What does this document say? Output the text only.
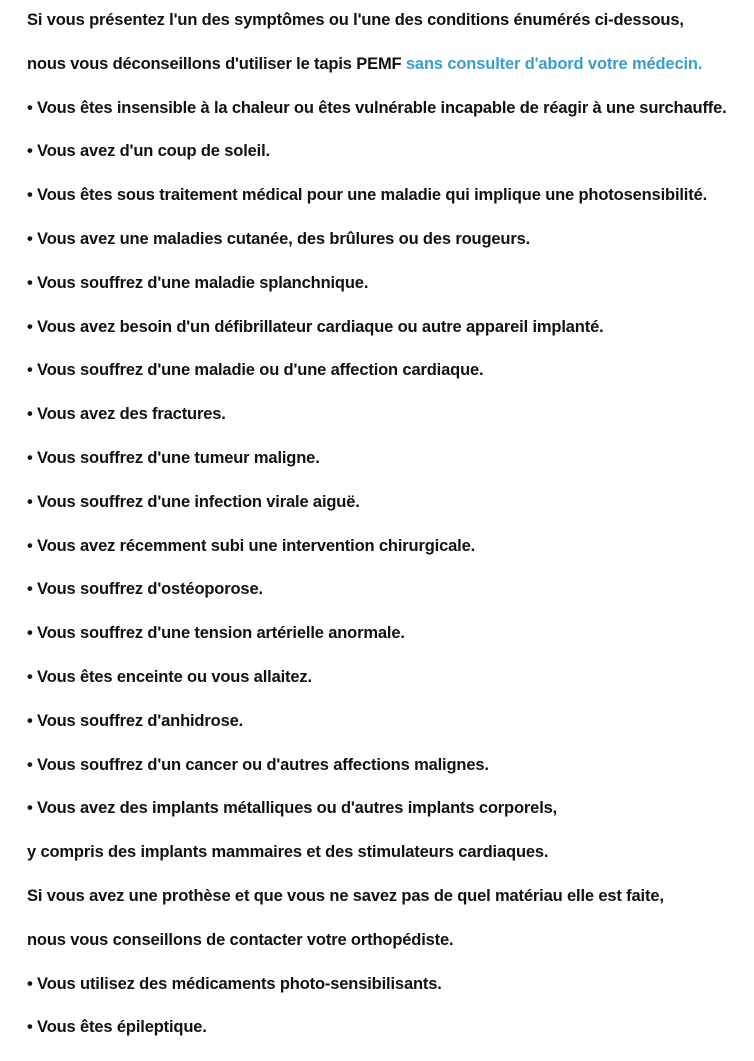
Si vous présentez l'un des symptômes ou l'une des conditions énumérés ci-dessous,
nous vous déconseillons d'utiliser le tapis PEMF sans consulter d'abord votre médecin.
• Vous êtes insensible à la chaleur ou êtes vulnérable incapable de réagir à une surchauffe.
• Vous avez d'un coup de soleil.
• Vous êtes sous traitement médical pour une maladie qui implique une photosensibilité.
• Vous avez une maladies cutanée, des brûlures ou des rougeurs.
• Vous souffrez d'une maladie splanchnique.
• Vous avez besoin d'un défibrillateur cardiaque ou autre appareil implanté.
• Vous souffrez d'une maladie ou d'une affection cardiaque.
• Vous avez des fractures.
• Vous souffrez d'une tumeur maligne.
• Vous souffrez d'une infection virale aiguë.
• Vous avez récemment subi une intervention chirurgicale.
• Vous souffrez d'ostéoporose.
• Vous souffrez d'une tension artérielle anormale.
• Vous êtes enceinte ou vous allaitez.
• Vous souffrez d'anhidrose.
• Vous souffrez d'un cancer ou d'autres affections malignes.
• Vous avez des implants métalliques ou d'autres implants corporels,
y compris des implants mammaires et des stimulateurs cardiaques.
Si vous avez une prothèse et que vous ne savez pas de quel matériau elle est faite,
nous vous conseillons de contacter votre orthopédiste.
• Vous utilisez des médicaments photo-sensibilisants.
• Vous êtes épileptique.
